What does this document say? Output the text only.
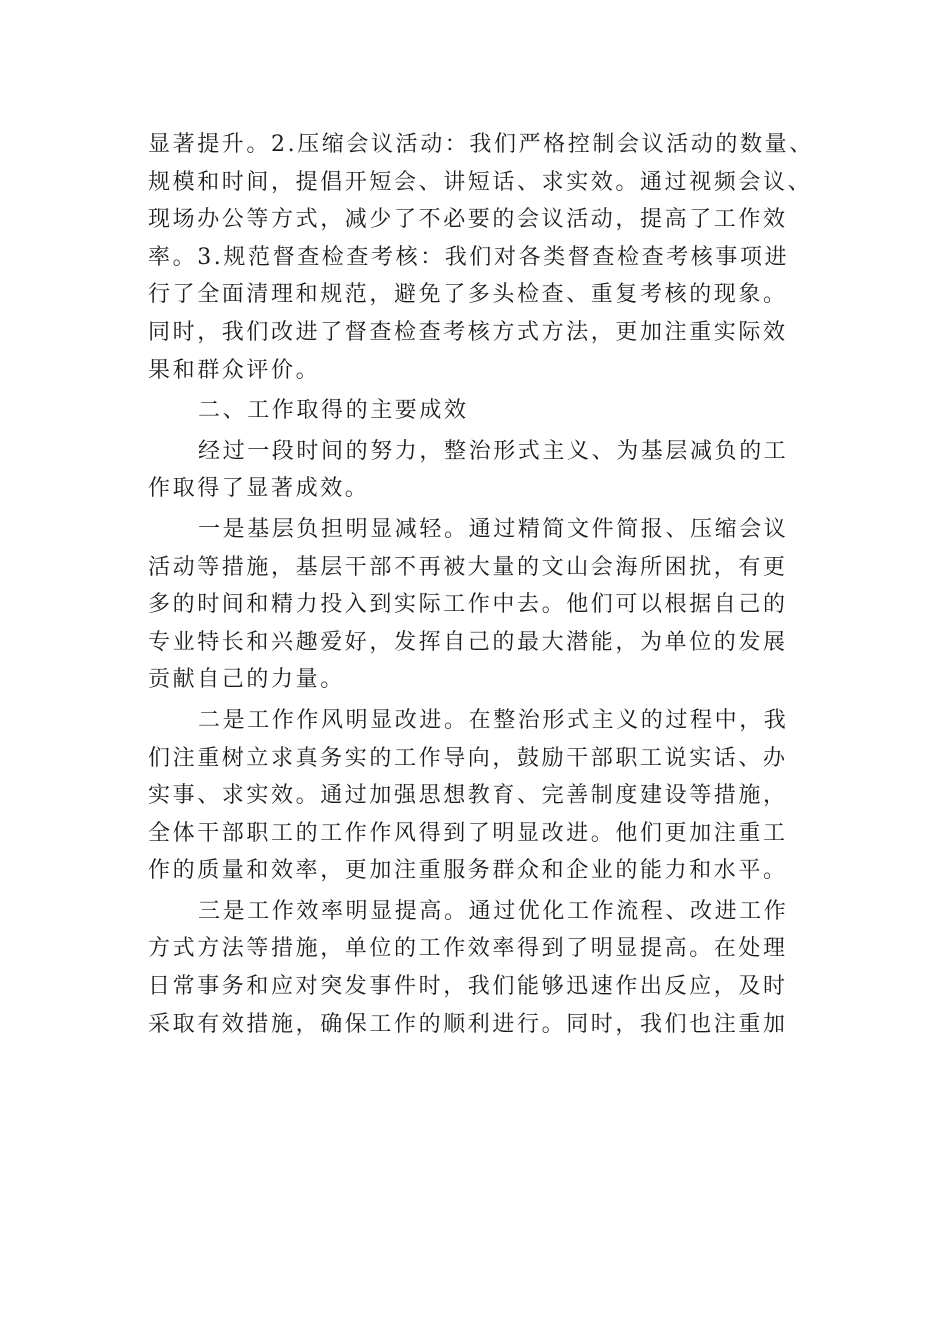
显著提升。2.压缩会议活动：我们严格控制会议活动的数量、
规模和时间，提倡开短会、讲短话、求实效。通过视频会议、
现场办公等方式，减少了不必要的会议活动，提高了工作效
率。3.规范督查检查考核：我们对各类督查检查考核事项进
行了全面清理和规范，避免了多头检查、重复考核的现象。
同时，我们改进了督查检查考核方式方法，更加注重实际效
果和群众评价。
二、工作取得的主要成效
经过一段时间的努力，整治形式主义、为基层减负的工
作取得了显著成效。
一是基层负担明显减轻。通过精简文件简报、压缩会议
活动等措施，基层干部不再被大量的文山会海所困扰，有更
多的时间和精力投入到实际工作中去。他们可以根据自己的
专业特长和兴趣爱好，发挥自己的最大潜能，为单位的发展
贡献自己的力量。
二是工作作风明显改进。在整治形式主义的过程中，我
们注重树立求真务实的工作导向，鼓励干部职工说实话、办
实事、求实效。通过加强思想教育、完善制度建设等措施，
全体干部职工的工作作风得到了明显改进。他们更加注重工
作的质量和效率，更加注重服务群众和企业的能力和水平。
三是工作效率明显提高。通过优化工作流程、改进工作
方式方法等措施，单位的工作效率得到了明显提高。在处理
日常事务和应对突发事件时，我们能够迅速作出反应，及时
采取有效措施，确保工作的顺利进行。同时，我们也注重加
